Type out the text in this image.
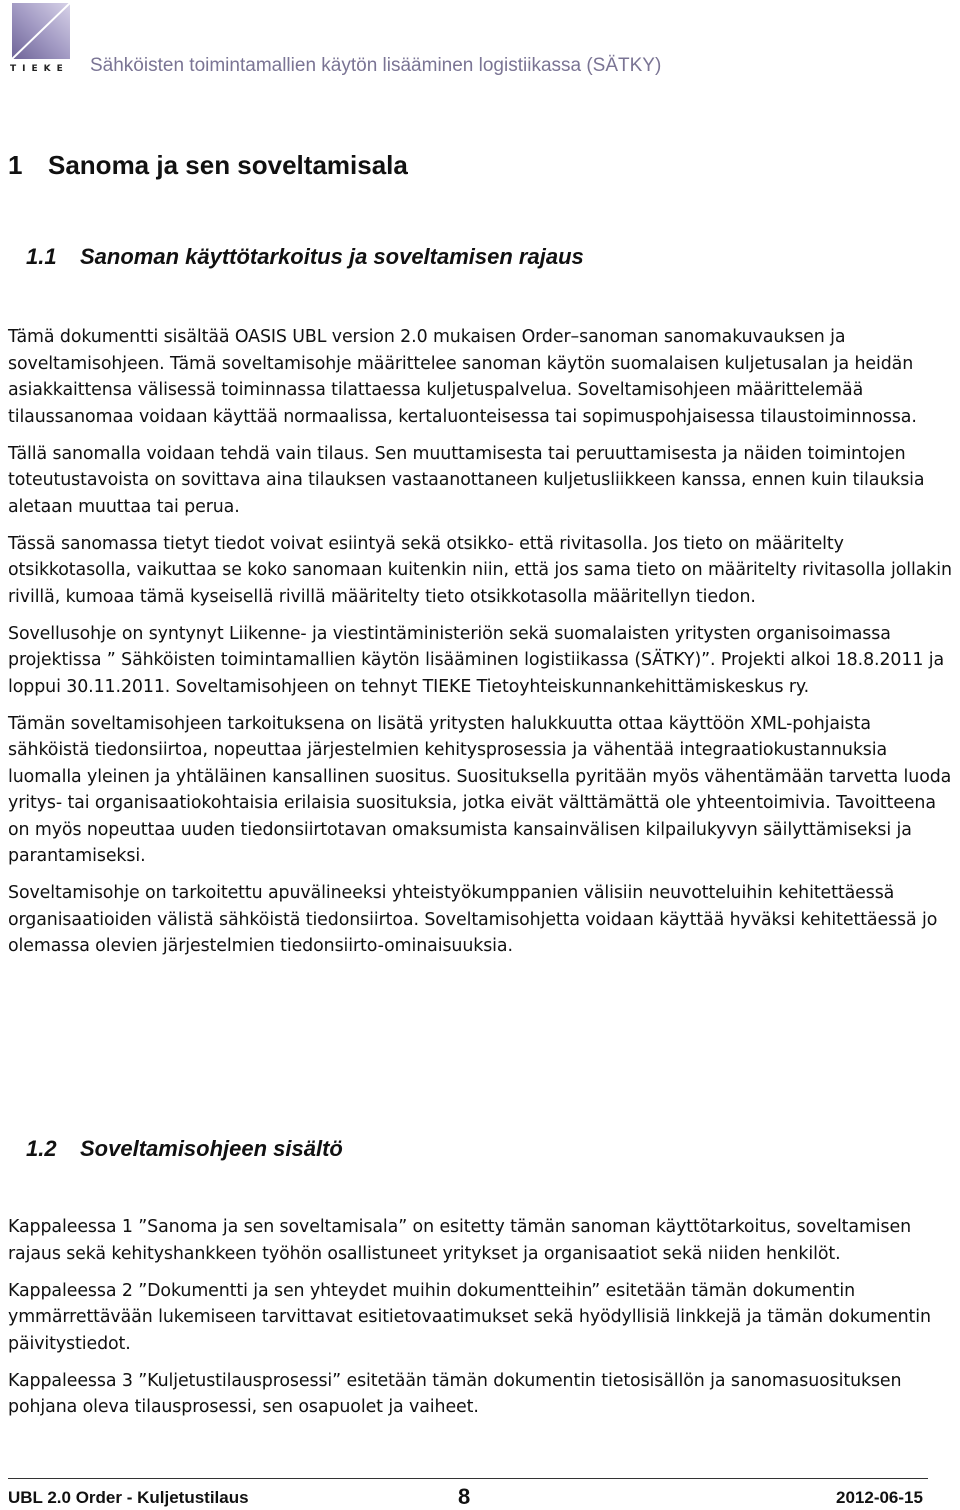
TIEKE	Sähköisten toimintamallien käytön lisääminen logistiikassa (SÄTKY)
1 Sanoma ja sen soveltamisala
1.1 Sanoman käyttötarkoitus ja soveltamisen rajaus

Tämä dokumentti sisältää OASIS UBL version 2.0 mukaisen Order–sanoman sanomakuvauksen ja soveltamisohjeen. Tämä soveltamisohje määrittelee sanoman käytön suomalaisen kuljetusalan ja heidän asiakkaittensa välisessä toiminnassa tilattaessa kuljetuspalvelua. Soveltamisohjeen määrittelemää tilaussanomaa voidaan käyttää normaalissa, kertaluonteisessa tai sopimuspohjaisessa tilaustoiminnossa.

Tällä sanomalla voidaan tehdä vain tilaus. Sen muuttamisesta tai peruuttamisesta ja näiden toimintojen toteutustavoista on sovittava aina tilauksen vastaanottaneen kuljetusliikkeen kanssa, ennen kuin tilauksia aletaan muuttaa tai perua.

Tässä sanomassa tietyt tiedot voivat esiintyä sekä otsikko- että rivitasolla. Jos tieto on määritelty otsikkotasolla, vaikuttaa se koko sanomaan kuitenkin niin, että jos sama tieto on määritelty rivitasolla jollakin rivillä, kumoaa tämä kyseisellä rivillä määritelty tieto otsikkotasolla määritellyn tiedon.

Sovellusohje on syntynyt Liikenne- ja viestintäministeriön sekä suomalaisten yritysten organisoimassa projektissa ” Sähköisten toimintamallien käytön lisääminen logistiikassa (SÄTKY)”. Projekti alkoi 18.8.2011 ja loppui 30.11.2011. Soveltamisohjeen on tehnyt TIEKE Tietoyhteiskunnankehittämiskeskus ry.

Tämän soveltamisohjeen tarkoituksena on lisätä yritysten halukkuutta ottaa käyttöön XML-pohjaista sähköistä tiedonsiirtoa, nopeuttaa järjestelmien kehitysprosessia ja vähentää integraatiokustannuksia luomalla yleinen ja yhtäläinen kansallinen suositus. Suosituksella pyritään myös vähentämään tarvetta luoda yritys- tai organisaatiokohtaisia erilaisia suosituksia, jotka eivät välttämättä ole yhteentoimivia. Tavoitteena on myös nopeuttaa uuden tiedonsiirtotavan omaksumista kansainvälisen kilpailukyvyn säilyttämiseksi ja parantamiseksi.

Soveltamisohje on tarkoitettu apuvälineeksi yhteistyökumppanien välisiin neuvotteluihin kehitettäessä organisaatioiden välistä sähköistä tiedonsiirtoa. Soveltamisohjetta voidaan käyttää hyväksi kehitettäessä jo olemassa olevien järjestelmien tiedonsiirto-ominaisuuksia.

1.2 Soveltamisohjeen sisältö

Kappaleessa 1 ”Sanoma ja sen soveltamisala” on esitetty tämän sanoman käyttötarkoitus, soveltamisen rajaus sekä kehityshankkeen työhön osallistuneet yritykset ja organisaatiot sekä niiden henkilöt.

Kappaleessa 2 ”Dokumentti ja sen yhteydet muihin dokumentteihin” esitetään tämän dokumentin ymmärrettävään lukemiseen tarvittavat esitietovaatimukset sekä hyödyllisiä linkkejä ja tämän dokumentin päivitystiedot.

Kappaleessa 3 ”Kuljetustilausprosessi” esitetään tämän dokumentin tietosisällön ja sanomasuosituksen pohjana oleva tilausprosessi, sen osapuolet ja vaiheet.

UBL 2.0 Order - Kuljetustilaus	8	2012-06-15
